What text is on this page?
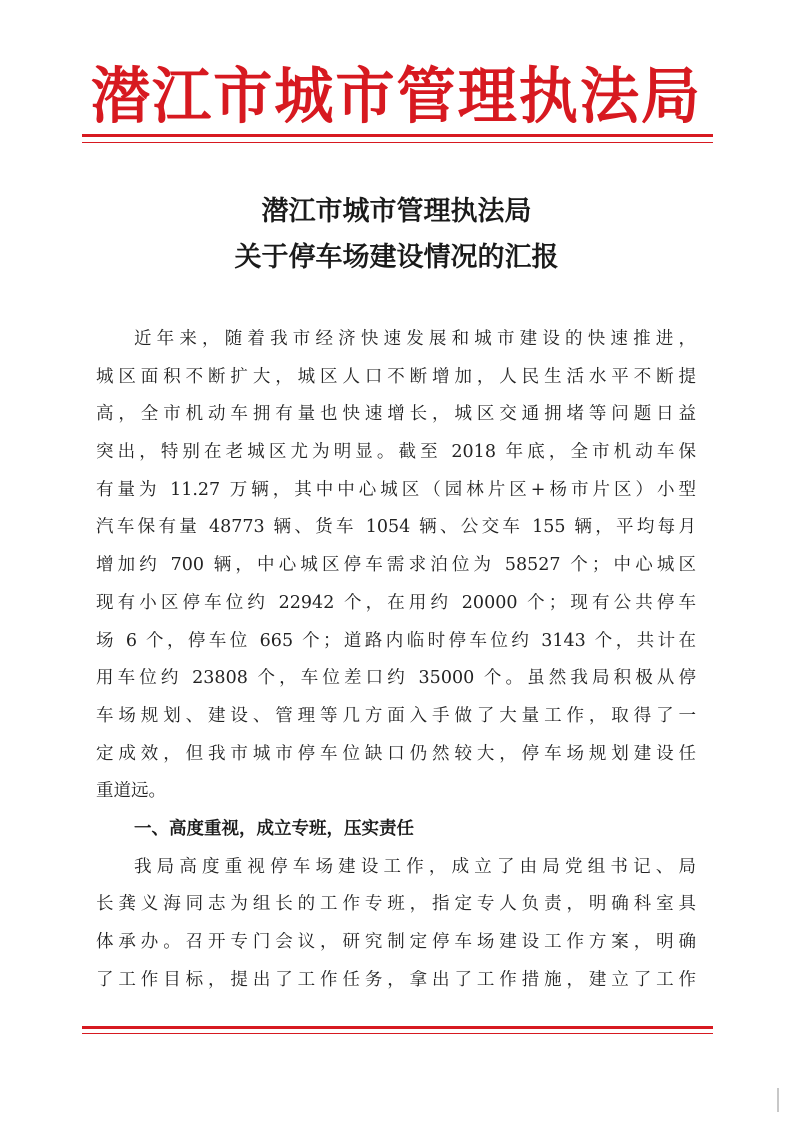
潜江市城市管理执法局
潜江市城市管理执法局
关于停车场建设情况的汇报
近年来，随着我市经济快速发展和城市建设的快速推进，
城区面积不断扩大，城区人口不断增加，人民生活水平不断提
高，全市机动车拥有量也快速增长，城区交通拥堵等问题日益
突出，特别在老城区尤为明显。截至 2018 年底，全市机动车保
有量为 11.27 万辆，其中中心城区（园林片区+杨市片区）小型
汽车保有量 48773 辆、货车 1054 辆、公交车 155 辆，平均每月
增加约 700 辆，中心城区停车需求泊位为 58527 个；中心城区
现有小区停车位约 22942 个，在用约 20000 个；现有公共停车
场 6 个，停车位 665 个；道路内临时停车位约 3143 个，共计在
用车位约 23808 个，车位差口约 35000 个。虽然我局积极从停
车场规划、建设、管理等几方面入手做了大量工作，取得了一
定成效，但我市城市停车位缺口仍然较大，停车场规划建设任
重道远。
一、高度重视，成立专班，压实责任
我局高度重视停车场建设工作，成立了由局党组书记、局
长龚义海同志为组长的工作专班，指定专人负责，明确科室具
体承办。召开专门会议，研究制定停车场建设工作方案，明确
了工作目标，提出了工作任务，拿出了工作措施，建立了工作
